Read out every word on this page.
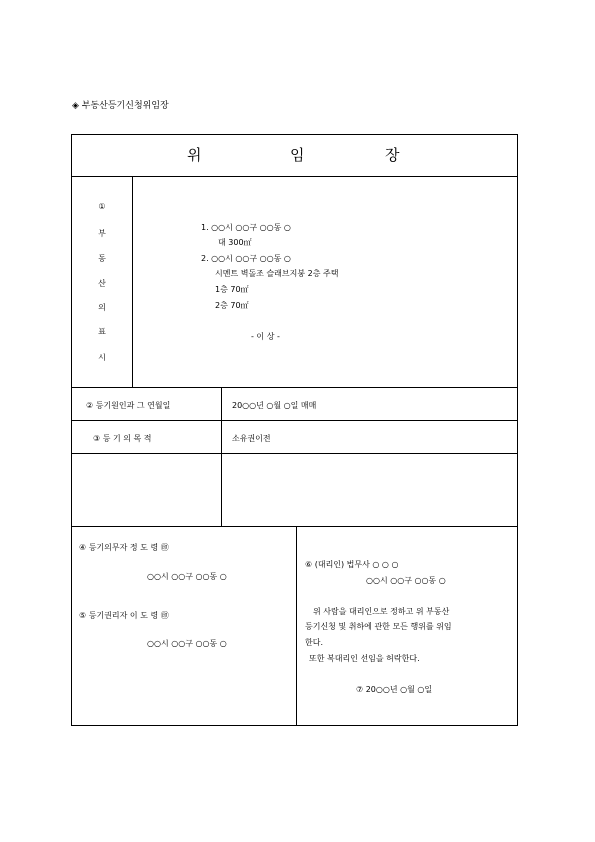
◈ 부동산등기신청위임장
위	임	장
①
부
동
산
의
표
시
1. ○○시 ○○구 ○○동 ○
대 300㎡
2. ○○시 ○○구 ○○동 ○
시멘트 벽돌조 슬래브지붕 2층 주택
1층 70㎡
2층 70㎡
- 이 상 -
② 등기원인과 그 연월일	20○○년 ○월 ○일 매매
③ 등 기 의 목 적	소유권이전
④ 등기의무자 정 도 령 ㊞
○○시 ○○구 ○○동 ○
⑤ 등기권리자 이 도 령 ㊞
○○시 ○○구 ○○동 ○
⑥ (대리인) 법무사 ○ ○ ○
○○시 ○○구 ○○동 ○
위 사람을 대리인으로 정하고 위 부동산
등기신청 및 취하에 관한 모든 행위를 위임
한다.
또한 복대리인 선임을 허락한다.
⑦ 20○○년 ○월 ○일
